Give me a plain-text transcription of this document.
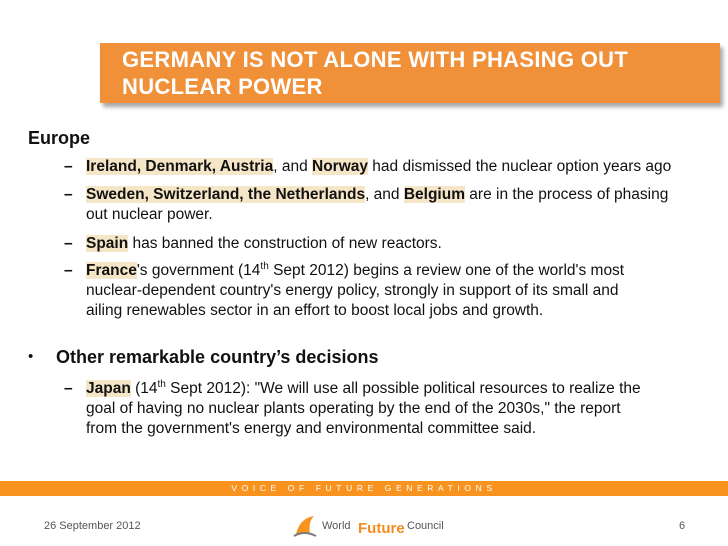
GERMANY IS NOT ALONE WITH PHASING OUT
NUCLEAR POWER
Europe
– Ireland, Denmark, Austria, and Norway had dismissed the nuclear option years ago
– Sweden, Switzerland, the Netherlands, and Belgium are in the process of phasing
out nuclear power.
– Spain has banned the construction of new reactors.
– France's government (14th Sept 2012) begins a review one of the world's most
nuclear-dependent country's energy policy, strongly in support of its small and
ailing renewables sector in an effort to boost local jobs and growth.
• Other remarkable country’s decisions
– Japan (14th Sept 2012): "We will use all possible political resources to realize the
goal of having no nuclear plants operating by the end of the 2030s," the report
from the government's energy and environmental committee said.
VOICE OF FUTURE GENERATIONS
26 September 2012	World Future Council	6
